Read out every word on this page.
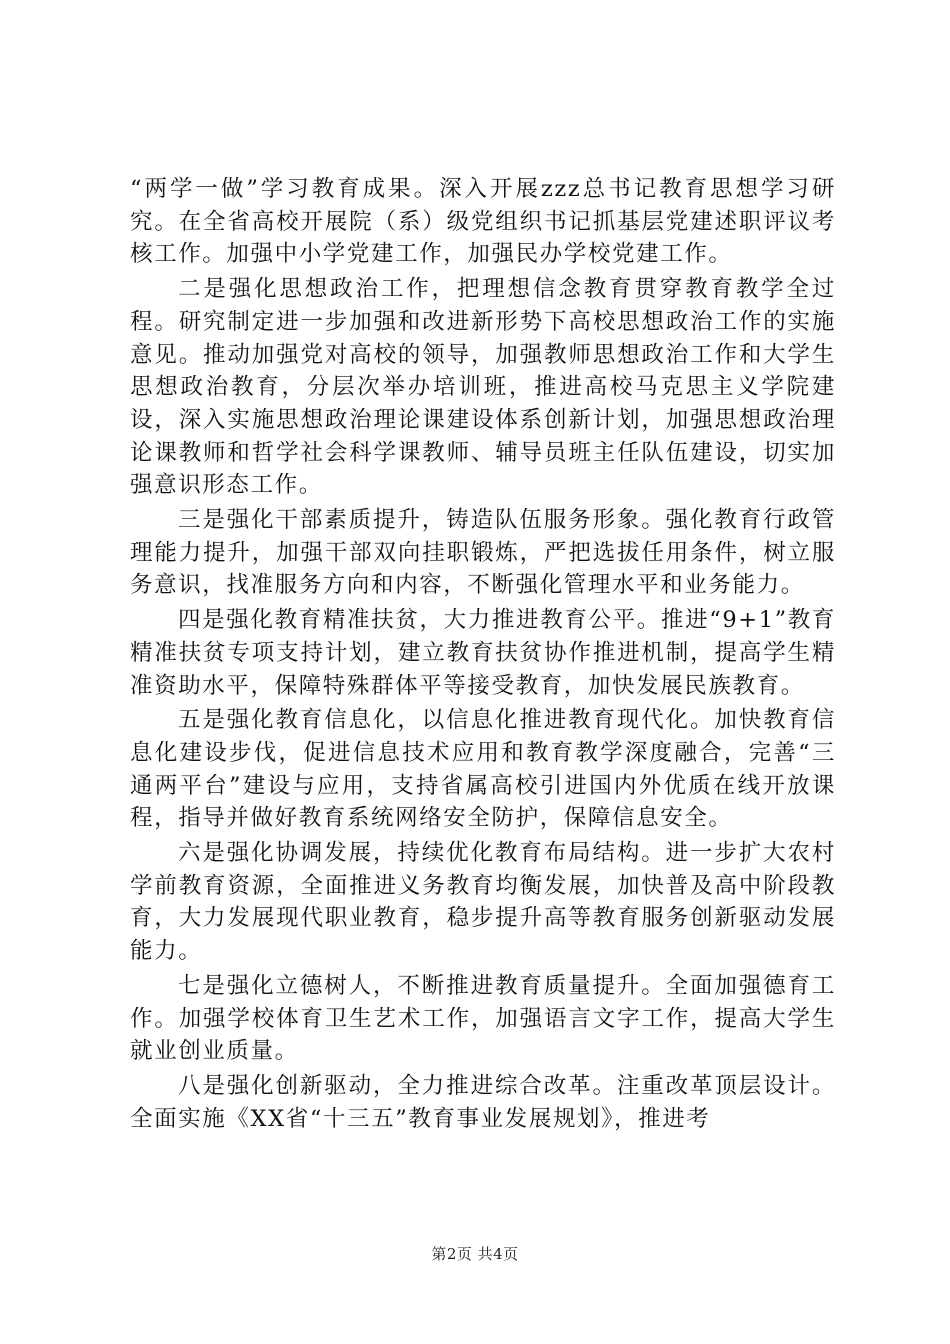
“两学一做”学习教育成果。深入开展zzz总书记教育思想学习研究。在全省高校开展院（系）级党组织书记抓基层党建述职评议考核工作。加强中小学党建工作，加强民办学校党建工作。

二是强化思想政治工作，把理想信念教育贯穿教育教学全过程。研究制定进一步加强和改进新形势下高校思想政治工作的实施意见。推动加强党对高校的领导，加强教师思想政治工作和大学生思想政治教育，分层次举办培训班，推进高校马克思主义学院建设，深入实施思想政治理论课建设体系创新计划，加强思想政治理论课教师和哲学社会科学课教师、辅导员班主任队伍建设，切实加强意识形态工作。

三是强化干部素质提升，铸造队伍服务形象。强化教育行政管理能力提升，加强干部双向挂职锻炼，严把选拔任用条件，树立服务意识，找准服务方向和内容，不断强化管理水平和业务能力。

四是强化教育精准扶贫，大力推进教育公平。推进“9+1”教育精准扶贫专项支持计划，建立教育扶贫协作推进机制，提高学生精准资助水平，保障特殊群体平等接受教育，加快发展民族教育。

五是强化教育信息化，以信息化推进教育现代化。加快教育信息化建设步伐，促进信息技术应用和教育教学深度融合，完善“三通两平台”建设与应用，支持省属高校引进国内外优质在线开放课程，指导并做好教育系统网络安全防护，保障信息安全。

六是强化协调发展，持续优化教育布局结构。进一步扩大农村学前教育资源，全面推进义务教育均衡发展，加快普及高中阶段教育，大力发展现代职业教育，稳步提升高等教育服务创新驱动发展能力。

七是强化立德树人，不断推进教育质量提升。全面加强德育工作。加强学校体育卫生艺术工作，加强语言文字工作，提高大学生就业创业质量。

八是强化创新驱动，全力推进综合改革。注重改革顶层设计。全面实施《XX省“十三五”教育事业发展规划》，推进考

第2页 共4页
